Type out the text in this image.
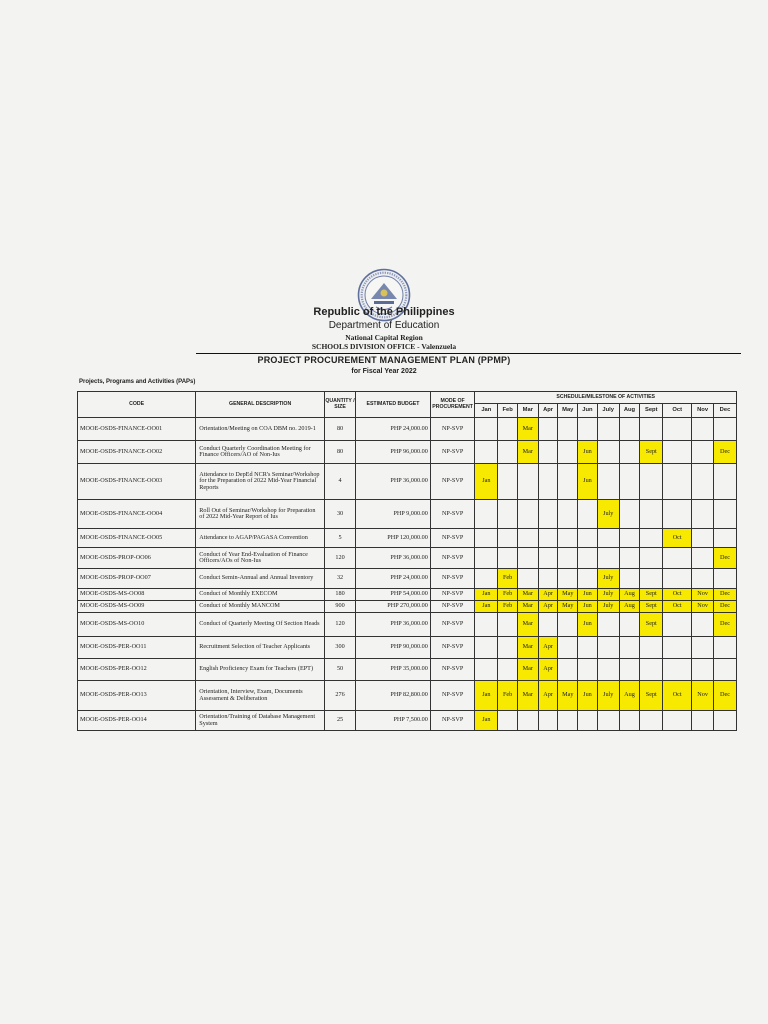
Republic of the Philippines
Department of Education
National Capital Region
SCHOOLS DIVISION OFFICE - Valenzuela
PROJECT PROCUREMENT MANAGEMENT PLAN (PPMP)
for Fiscal Year 2022
Projects, Programs and Activities (PAPs)
CODE	GENERAL DESCRIPTION	QUANTITY / SIZE	ESTIMATED BUDGET	MODE OF PROCUREMENT	SCHEDULE/MILESTONE OF ACTIVITIES											
					Jan	Feb	Mar	Apr	May	Jun	July	Aug	Sept	Oct	Nov	Dec
MOOE-OSDS-FINANCE-OO01	Orientation/Meeting on COA DBM no. 2019-1	80	PHP 24,000.00	NP-SVP			Mar									
MOOE-OSDS-FINANCE-OO02	Conduct Quarterly Coordination Meeting for Finance Officers/AO of Non-Ius	80	PHP 96,000.00	NP-SVP			Mar			Jun			Sept			Dec
MOOE-OSDS-FINANCE-OO03	Attendance to DepEd NCR's Seminar/Workshop for the Preparation of 2022 Mid-Year Financial Reports	4	PHP 36,000.00	NP-SVP	Jan					Jun						
MOOE-OSDS-FINANCE-OO04	Roll Out of Seminar/Workshop for Preparation of 2022 Mid-Year Report of Ius	30	PHP 9,000.00	NP-SVP							July					
MOOE-OSDS-FINANCE-OO05	Attendance to AGAP/PAGASA Convention	5	PHP 120,000.00	NP-SVP										Oct		
MOOE-OSDS-PROP-OO06	Conduct of Year End-Evaluation of Finance Officers/AOs of Non-Ius	120	PHP 36,000.00	NP-SVP												Dec
MOOE-OSDS-PROP-OO07	Conduct Semin-Annual and Annual Inventory	32	PHP 24,000.00	NP-SVP		Feb					July					
MOOE-OSDS-MS-OO08	Conduct of Monthly EXECOM	180	PHP 54,000.00	NP-SVP	Jan	Feb	Mar	Apr	May	Jun	July	Aug	Sept	Oct	Nov	Dec
MOOE-OSDS-MS-OO09	Conduct of Monthly MANCOM	900	PHP 270,000.00	NP-SVP	Jan	Feb	Mar	Apr	May	Jun	July	Aug	Sept	Oct	Nov	Dec
MOOE-OSDS-MS-OO10	Conduct of Quarterly Meeting Of Section Heads	120	PHP 36,000.00	NP-SVP			Mar			Jun			Sept			Dec
MOOE-OSDS-PER-OO11	Recruitment Selection of Teacher Applicants	300	PHP 90,000.00	NP-SVP			Mar	Apr								
MOOE-OSDS-PER-OO12	English Proficiency Exam for Teachers (EPT)	50	PHP 35,000.00	NP-SVP			Mar	Apr								
MOOE-OSDS-PER-OO13	Orientation, Interview, Exam, Documents Assessment & Deliberation	276	PHP 82,800.00	NP-SVP	Jan	Feb	Mar	Apr	May	Jun	July	Aug	Sept	Oct	Nov	Dec
MOOE-OSDS-PER-OO14	Orientation/Training of Database Management System	25	PHP 7,500.00	NP-SVP	Jan											
